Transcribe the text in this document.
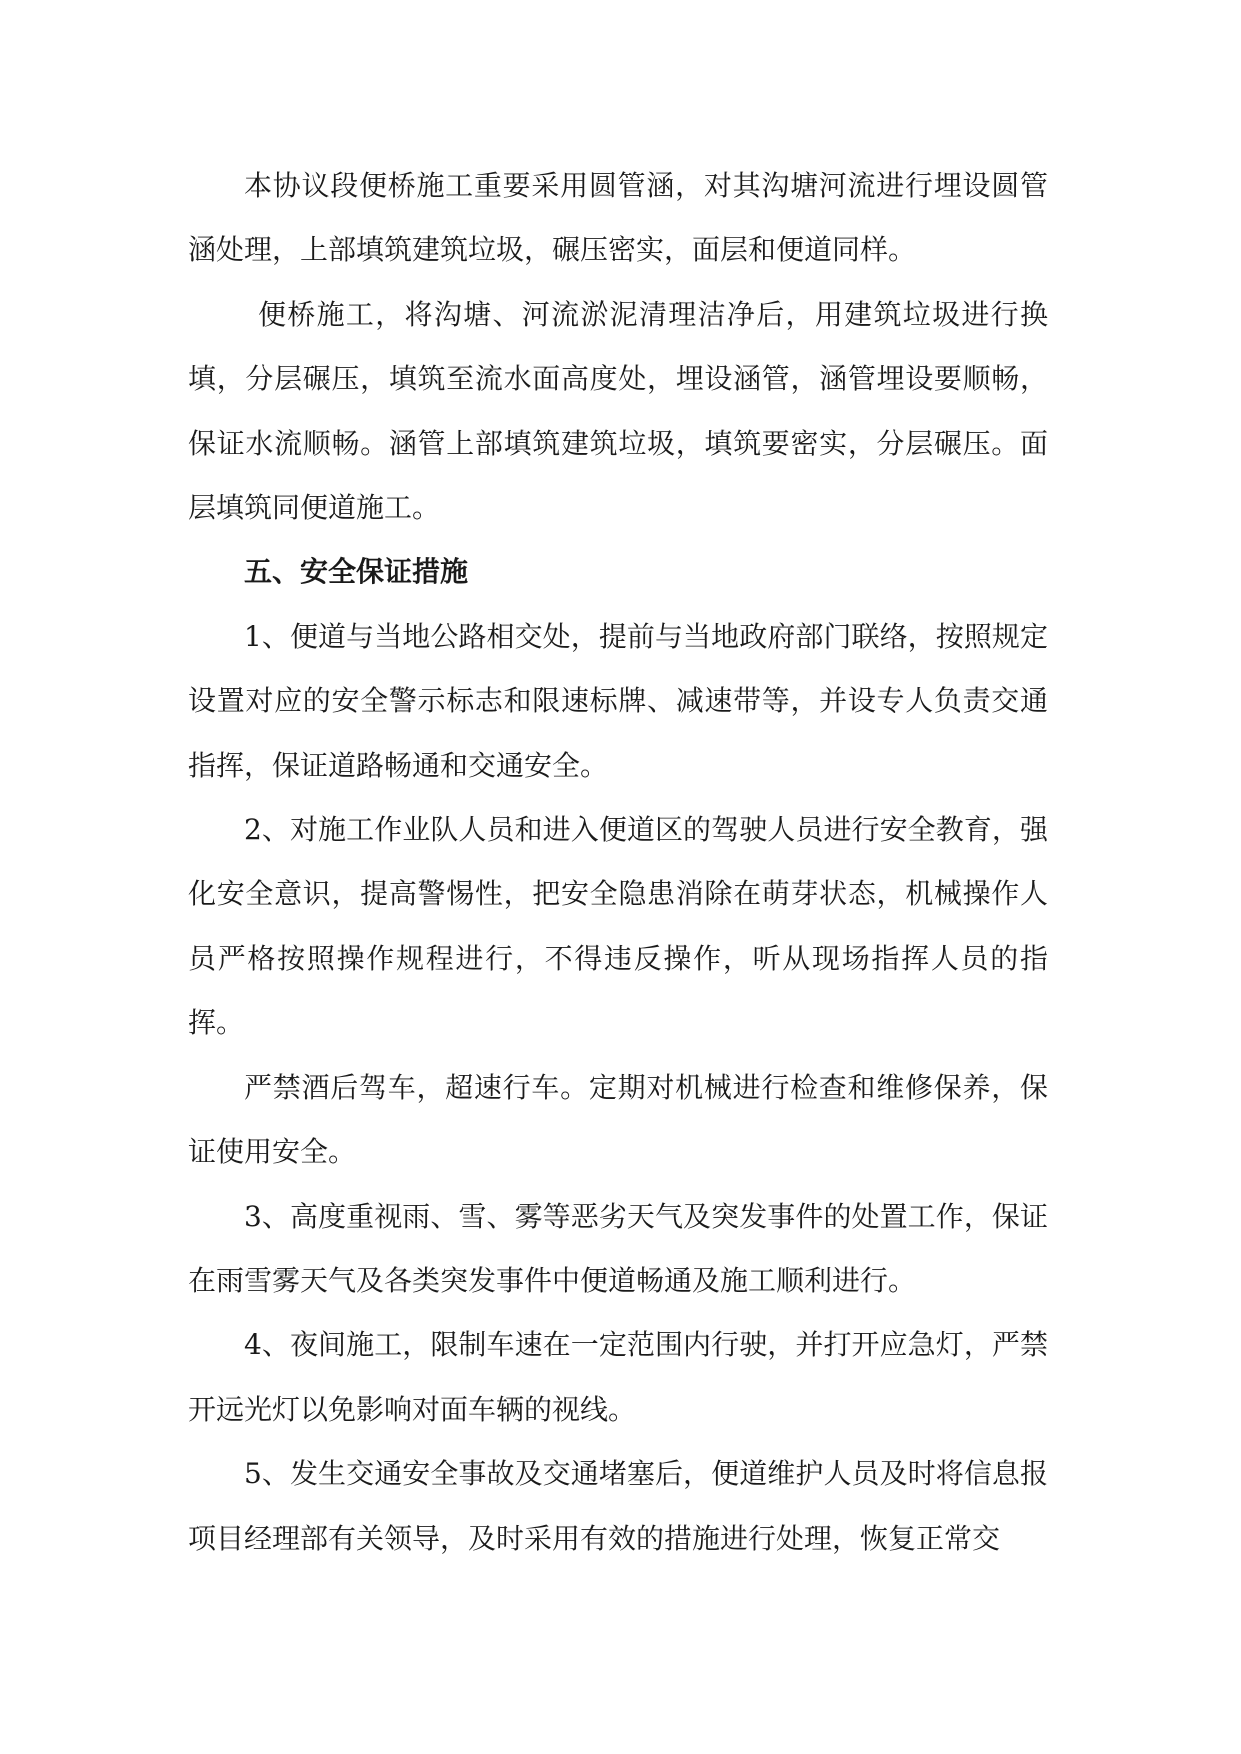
本协议段便桥施工重要采用圆管涵，对其沟塘河流进行埋设圆管涵处理，上部填筑建筑垃圾，碾压密实，面层和便道同样。

便桥施工，将沟塘、河流淤泥清理洁净后，用建筑垃圾进行换填，分层碾压，填筑至流水面高度处，埋设涵管，涵管埋设要顺畅，保证水流顺畅。涵管上部填筑建筑垃圾，填筑要密实，分层碾压。面层填筑同便道施工。

五、安全保证措施

1、便道与当地公路相交处，提前与当地政府部门联络，按照规定设置对应的安全警示标志和限速标牌、减速带等，并设专人负责交通指挥，保证道路畅通和交通安全。

2、对施工作业队人员和进入便道区的驾驶人员进行安全教育，强化安全意识，提高警惕性，把安全隐患消除在萌芽状态，机械操作人员严格按照操作规程进行，不得违反操作，听从现场指挥人员的指挥。

严禁酒后驾车，超速行车。定期对机械进行检查和维修保养，保证使用安全。

3、高度重视雨、雪、雾等恶劣天气及突发事件的处置工作，保证在雨雪雾天气及各类突发事件中便道畅通及施工顺利进行。

4、夜间施工，限制车速在一定范围内行驶，并打开应急灯，严禁开远光灯以免影响对面车辆的视线。

5、发生交通安全事故及交通堵塞后，便道维护人员及时将信息报项目经理部有关领导，及时采用有效的措施进行处理，恢复正常交
